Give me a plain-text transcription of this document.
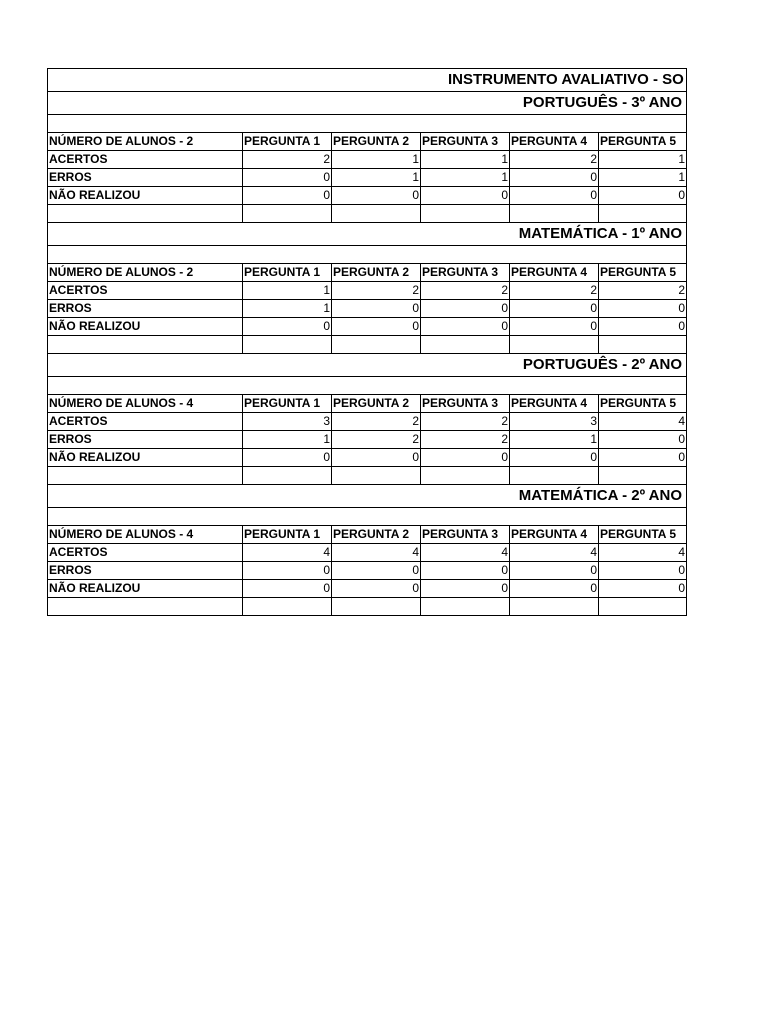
INSTRUMENTO AVALIATIVO - SO
PORTUGUÊS - 3º ANO
NÚMERO DE ALUNOS - 2	PERGUNTA 1	PERGUNTA 2	PERGUNTA 3	PERGUNTA 4	PERGUNTA 5
ACERTOS	2	1	1	2	1
ERROS	0	1	1	0	1
NÃO REALIZOU	0	0	0	0	0
MATEMÁTICA - 1º ANO
NÚMERO DE ALUNOS - 2	PERGUNTA 1	PERGUNTA 2	PERGUNTA 3	PERGUNTA 4	PERGUNTA 5
ACERTOS	1	2	2	2	2
ERROS	1	0	0	0	0
NÃO REALIZOU	0	0	0	0	0
PORTUGUÊS - 2º ANO
NÚMERO DE ALUNOS - 4	PERGUNTA 1	PERGUNTA 2	PERGUNTA 3	PERGUNTA 4	PERGUNTA 5
ACERTOS	3	2	2	3	4
ERROS	1	2	2	1	0
NÃO REALIZOU	0	0	0	0	0
MATEMÁTICA - 2º ANO
NÚMERO DE ALUNOS - 4	PERGUNTA 1	PERGUNTA 2	PERGUNTA 3	PERGUNTA 4	PERGUNTA 5
ACERTOS	4	4	4	4	4
ERROS	0	0	0	0	0
NÃO REALIZOU	0	0	0	0	0
